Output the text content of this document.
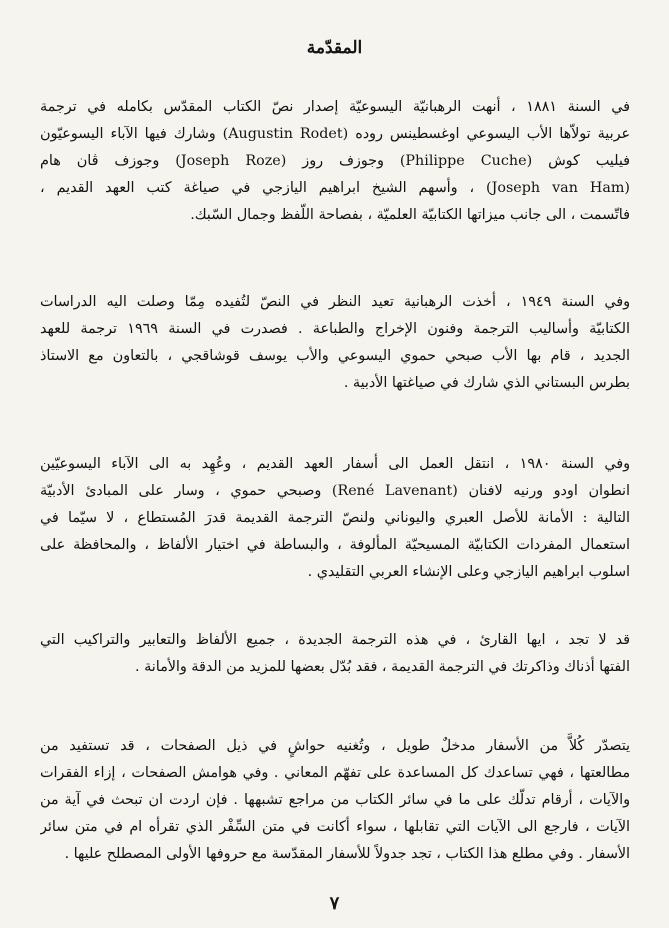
المقدّمة
في السنة ١٨٨١ ، أنهت الرهبانيّة اليسوعيّة إصدار نصّ الكتاب المقدّس بكامله في ترجمة
عربية تولاّها الأب اليسوعي اوغسطينس روده (Augustin Rodet) وشارك فيها الآباء اليسوعيّون
فيليب كوش (Philippe Cuche) وجوزف روز (Joseph Roze) وجوزف ڤان هام
(Joseph van Ham) ، وأسهم الشيخ ابراهيم اليازجي في صياغة كتب العهد القديم ،
فاتّسمت ، الى جانب ميزاتها الكتابيّة العلميّة ، بفصاحة اللّفظ وجمال السّبك.
وفي السنة ١٩٤٩ ، أخذت الرهبانية تعيد النظر في النصّ لتُفيده مِمّا وصلت اليه الدراسات
الكتابيّة وأساليب الترجمة وفنون الإخراج والطباعة . فصدرت في السنة ١٩٦٩ ترجمة للعهد
الجديد ، قام بها الأب صبحي حموي اليسوعي والأب يوسف قوشاقجي ، بالتعاون مع الاستاذ
بطرس البستاني الذي شارك في صياغتها الأدبية .
وفي السنة ١٩٨٠ ، انتقل العمل الى أسفار العهد القديم ، وعُهِد به الى الآباء اليسوعيّين
انطوان اودو ورنيه لافنان (René Lavenant) وصبحي حموي ، وسار على المبادئ الأدبيّة
التالية : الأمانة للأصل العبري واليوناني ولنصّ الترجمة القديمة قدرَ المُستطاع ، لا سيّما في
استعمال المفردات الكتابيّة المسيحيّة المألوفة ، والبساطة في اختيار الألفاظ ، والمحافظة على
اسلوب ابراهيم اليازجي وعلى الإنشاء العربي التقليدي .
قد لا تجد ، ايها القارئ ، في هذه الترجمة الجديدة ، جميع الألفاظ والتعابير والتراكيب التي
الفتها أذناك وذاكرتك في الترجمة القديمة ، فقد بُدّل بعضها للمزيد من الدقة والأمانة .
يتصدّر كُلاًّ من الأسفار مدخلٌ طويل ، وتُغنيه حواشٍ في ذيل الصفحات ، قد تستفيد من
مطالعتها ، فهي تساعدك كل المساعدة على تفهّم المعاني . وفي هوامش الصفحات ، إزاء الفقرات
والآيات ، أرقام تدلّك على ما في سائر الكتاب من مراجع تشبهها . فإن اردت ان تبحث في آية من
الآيات ، فارجع الى الآيات التي تقابلها ، سواء أكانت في متن السِّفْر الذي تقرأه ام في متن سائر
الأسفار . وفي مطلع هذا الكتاب ، تجد جدولاً للأسفار المقدّسة مع حروفها الأولى المصطلح عليها .
٧
